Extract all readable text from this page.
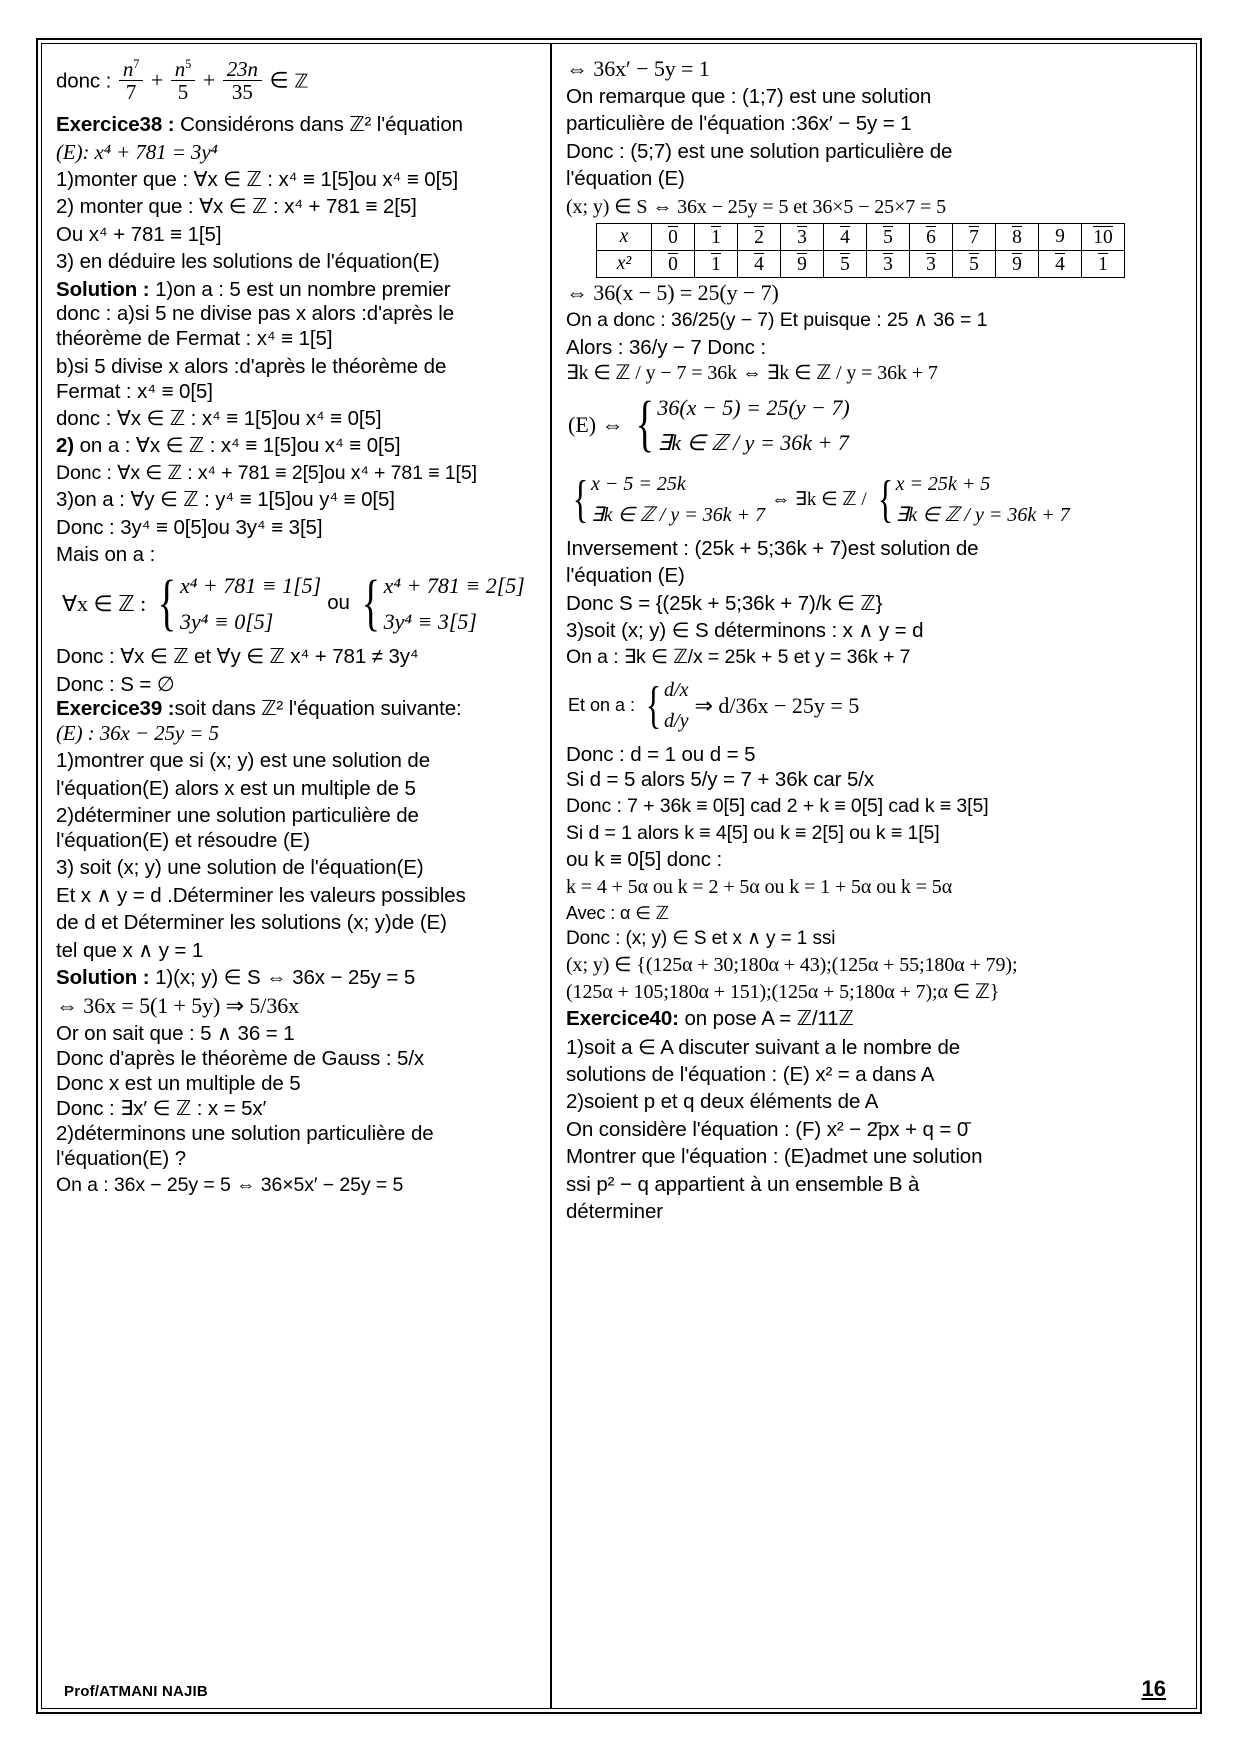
donc : $\frac{n^7}{7} + \frac{n^5}{5} + \frac{23n}{35}$ ∈ ℤ
Exercice38 : Considérons dans ℤ² l'équation
(E): x⁴ + 781 = 3y⁴
1)monter que : ∀x ∈ ℤ : x⁴ ≡ 1[5]ou x⁴ ≡ 0[5]
2) monter que : ∀x ∈ ℤ : x⁴ + 781 ≡ 2[5]
Ou x⁴ + 781 ≡ 1[5]
3) en déduire les solutions de l'équation(E)
Solution : 1)on a : 5 est un nombre premier
donc : a)si 5 ne divise pas x alors :d'après le
théorème de Fermat : x⁴ ≡ 1[5]
b)si 5 divise x alors :d'après le théorème de
Fermat : x⁴ ≡ 0[5]
donc : ∀x ∈ ℤ : x⁴ ≡ 1[5]ou x⁴ ≡ 0[5]
2) on a : ∀x ∈ ℤ : x⁴ ≡ 1[5]ou x⁴ ≡ 0[5]
Donc : ∀x ∈ ℤ : x⁴ + 781 ≡ 2[5]ou x⁴ + 781 ≡ 1[5]
3)on a : ∀y ∈ ℤ : y⁴ ≡ 1[5]ou y⁴ ≡ 0[5]
Donc : 3y⁴ ≡ 0[5]ou 3y⁴ ≡ 3[5]
Mais on a :
∀x ∈ ℤ : { x⁴ + 781 ≡ 1[5]
3y⁴ ≡ 0[5]
ou { x⁴ + 781 ≡ 2[5]
3y⁴ ≡ 3[5]
Donc : ∀x ∈ ℤ et ∀y ∈ ℤ x⁴ + 781 ≠ 3y⁴
Donc : S = ∅
Exercice39 :soit dans ℤ² l'équation suivante:
(E) : 36x − 25y = 5
1)montrer que si (x; y) est une solution de
l'équation(E) alors x est un multiple de 5
2)déterminer une solution particulière de
l'équation(E) et résoudre (E)
3) soit (x; y) une solution de l'équation(E)
Et x ∧ y = d .Déterminer les valeurs possibles
de d et Déterminer les solutions (x; y)de (E)
tel que x ∧ y = 1
Solution : 1)(x; y) ∈ S ⇔ 36x − 25y = 5
⇔ 36x = 5(1 + 5y) ⇒ 5/36x
Or on sait que : 5 ∧ 36 = 1
Donc d'après le théorème de Gauss : 5/x
Donc x est un multiple de 5
Donc : ∃x′ ∈ ℤ : x = 5x′
2)déterminons une solution particulière de
l'équation(E) ?
On a : 36x − 25y = 5 ⇔ 36×5x′ − 25y = 5
⇔ 36x′ − 5y = 1
On remarque que : (1;7) est une solution
particulière de l'équation :36x′ − 5y = 1
Donc : (5;7) est une solution particulière de
l'équation (E)
(x; y) ∈ S ⇔ 36x − 25y = 5 et 36×5 − 25×7 = 5
x	0	1	2	3	4	5	6	7	8	9	10
x²	0	1	4	9	5	3	3	5	9	4	1
⇔ 36(x − 5) = 25(y − 7)
On a donc : 36/25(y − 7) Et puisque : 25 ∧ 36 = 1
Alors : 36/y − 7 Donc :
∃k ∈ ℤ / y − 7 = 36k ⇔ ∃k ∈ ℤ / y = 36k + 7
(E) ⇔ { 36(x − 5) = 25(y − 7)
∃k ∈ ℤ / y = 36k + 7
{ x − 5 = 25k
∃k ∈ ℤ / y = 36k + 7
⇔ ∃k ∈ ℤ / { x = 25k + 5
∃k ∈ ℤ / y = 36k + 7
Inversement : (25k + 5;36k + 7)est solution de
l'équation (E)
Donc S = {(25k + 5;36k + 7)/k ∈ ℤ}
3)soit (x; y) ∈ S déterminons : x ∧ y = d
On a : ∃k ∈ ℤ/x = 25k + 5 et y = 36k + 7
Et on a : { d/x
d/y
⇒ d/36x − 25y = 5
Donc : d = 1 ou d = 5
Si d = 5 alors 5/y = 7 + 36k car 5/x
Donc : 7 + 36k ≡ 0[5] cad 2 + k ≡ 0[5] cad k ≡ 3[5]
Si d = 1 alors k ≡ 4[5] ou k ≡ 2[5] ou k ≡ 1[5]
ou k ≡ 0[5] donc :
k = 4 + 5α ou k = 2 + 5α ou k = 1 + 5α ou k = 5α
Avec : α ∈ ℤ
Donc : (x; y) ∈ S et x ∧ y = 1 ssi
(x; y) ∈ {(125α + 30;180α + 43);(125α + 55;180α + 79);
(125α + 105;180α + 151);(125α + 5;180α + 7);α ∈ ℤ}
Exercice40: on pose A = ℤ/11ℤ
1)soit a ∈ A discuter suivant a le nombre de
solutions de l'équation : (E) x² = a dans A
2)soient p et q deux éléments de A
On considère l'équation : (F) x² − 2̄px + q = 0̄
Montrer que l'équation : (E)admet une solution
ssi p² − q appartient à un ensemble B à
déterminer
Prof/ATMANI NAJIB	16
